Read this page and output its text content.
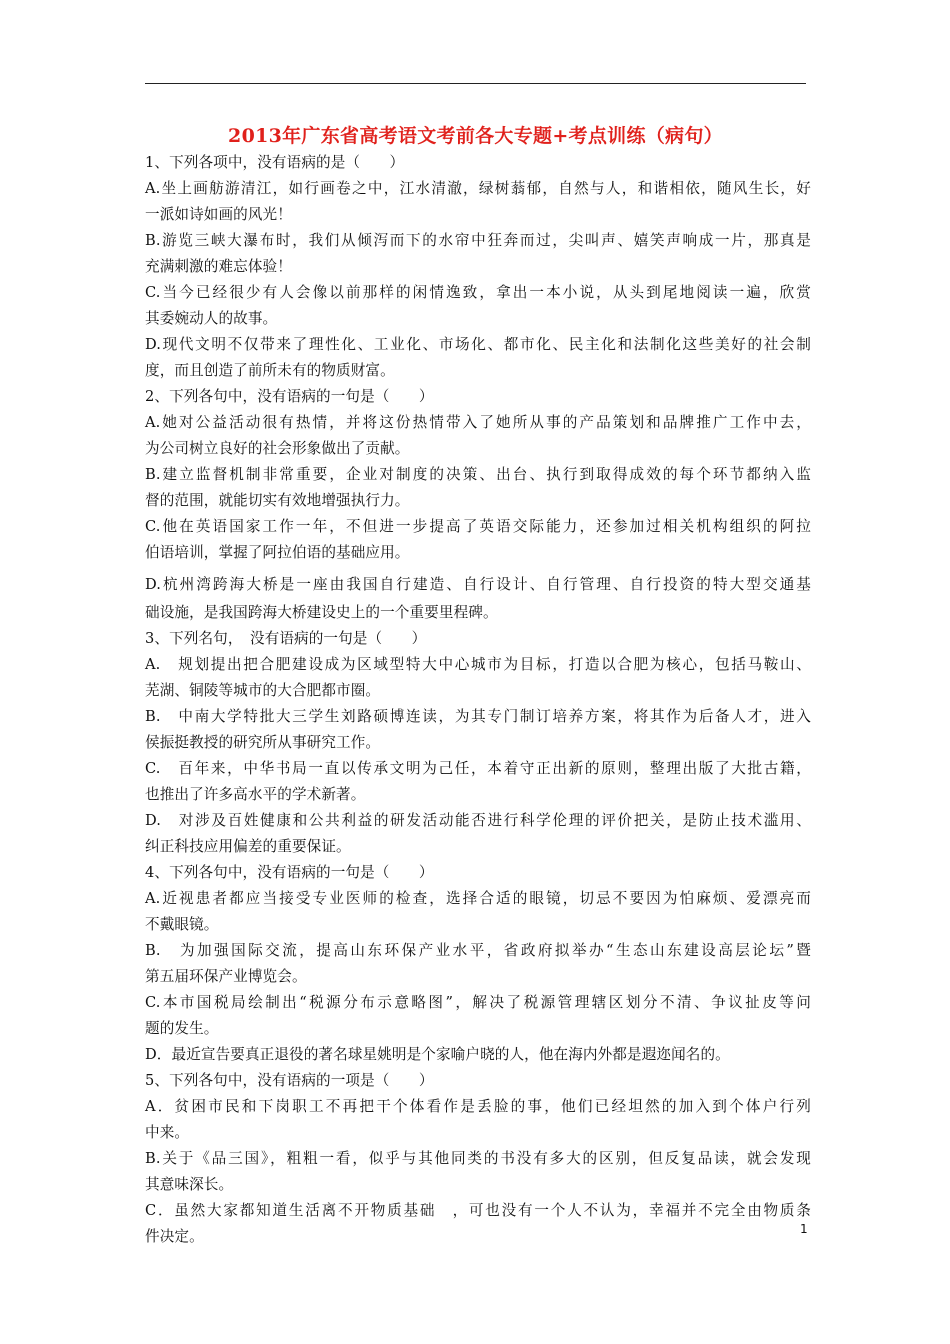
2013年广东省高考语文考前各大专题+考点训练（病句）
1、下列各项中，没有语病的是（　　）
A.坐上画舫游清江，如行画卷之中，江水清澈，绿树蓊郁，自然与人，和谐相依，随风生长，好
一派如诗如画的风光！
B.游览三峡大瀑布时，我们从倾泻而下的水帘中狂奔而过，尖叫声、嬉笑声响成一片，那真是
充满刺激的难忘体验！
C.当今已经很少有人会像以前那样的闲情逸致，拿出一本小说，从头到尾地阅读一遍，欣赏
其委婉动人的故事。
D.现代文明不仅带来了理性化、工业化、市场化、都市化、民主化和法制化这些美好的社会制
度，而且创造了前所未有的物质财富。
2、下列各句中，没有语病的一句是（　　）
A.她对公益活动很有热情，并将这份热情带入了她所从事的产品策划和品牌推广工作中去，
为公司树立良好的社会形象做出了贡献。
B.建立监督机制非常重要，企业对制度的决策、出台、执行到取得成效的每个环节都纳入监
督的范围，就能切实有效地增强执行力。
C.他在英语国家工作一年，不但进一步提高了英语交际能力，还参加过相关机构组织的阿拉
伯语培训，掌握了阿拉伯语的基础应用。
D.杭州湾跨海大桥是一座由我国自行建造、自行设计、自行管理、自行投资的特大型交通基
础设施，是我国跨海大桥建设史上的一个重要里程碑。
3、下列名句，　没有语病的一句是（　　）
A.　规划提出把合肥建设成为区域型特大中心城市为目标，打造以合肥为核心，包括马鞍山、
芜湖、铜陵等城市的大合肥都市圈。
B.　中南大学特批大三学生刘路硕博连读，为其专门制订培养方案，将其作为后备人才，进入
侯振挺教授的研究所从事研究工作。
C.　百年来，中华书局一直以传承文明为己任，本着守正出新的原则，整理出版了大批古籍，
也推出了许多高水平的学术新著。
D.　对涉及百姓健康和公共利益的研发活动能否进行科学伦理的评价把关，是防止技术滥用、
纠正科技应用偏差的重要保证。
4、下列各句中，没有语病的一句是（　　）
A.近视患者都应当接受专业医师的检查，选择合适的眼镜，切忌不要因为怕麻烦、爱漂亮而
不戴眼镜。
B.　为加强国际交流，提高山东环保产业水平，省政府拟举办“生态山东建设高层论坛”暨
第五届环保产业博览会。
C.本市国税局绘制出“税源分布示意略图”，解决了税源管理辖区划分不清、争议扯皮等问
题的发生。
D．最近宣告要真正退役的著名球星姚明是个家喻户晓的人，他在海内外都是遐迩闻名的。
5、下列各句中，没有语病的一项是（　　）
A．贫困市民和下岗职工不再把干个体看作是丢脸的事，他们已经坦然的加入到个体户行列
中来。
B.关于《品三国》，粗粗一看，似乎与其他同类的书没有多大的区别，但反复品读，就会发现
其意味深长。
C．虽然大家都知道生活离不开物质基础　，可也没有一个人不认为，幸福并不完全由物质条
件决定。	1
